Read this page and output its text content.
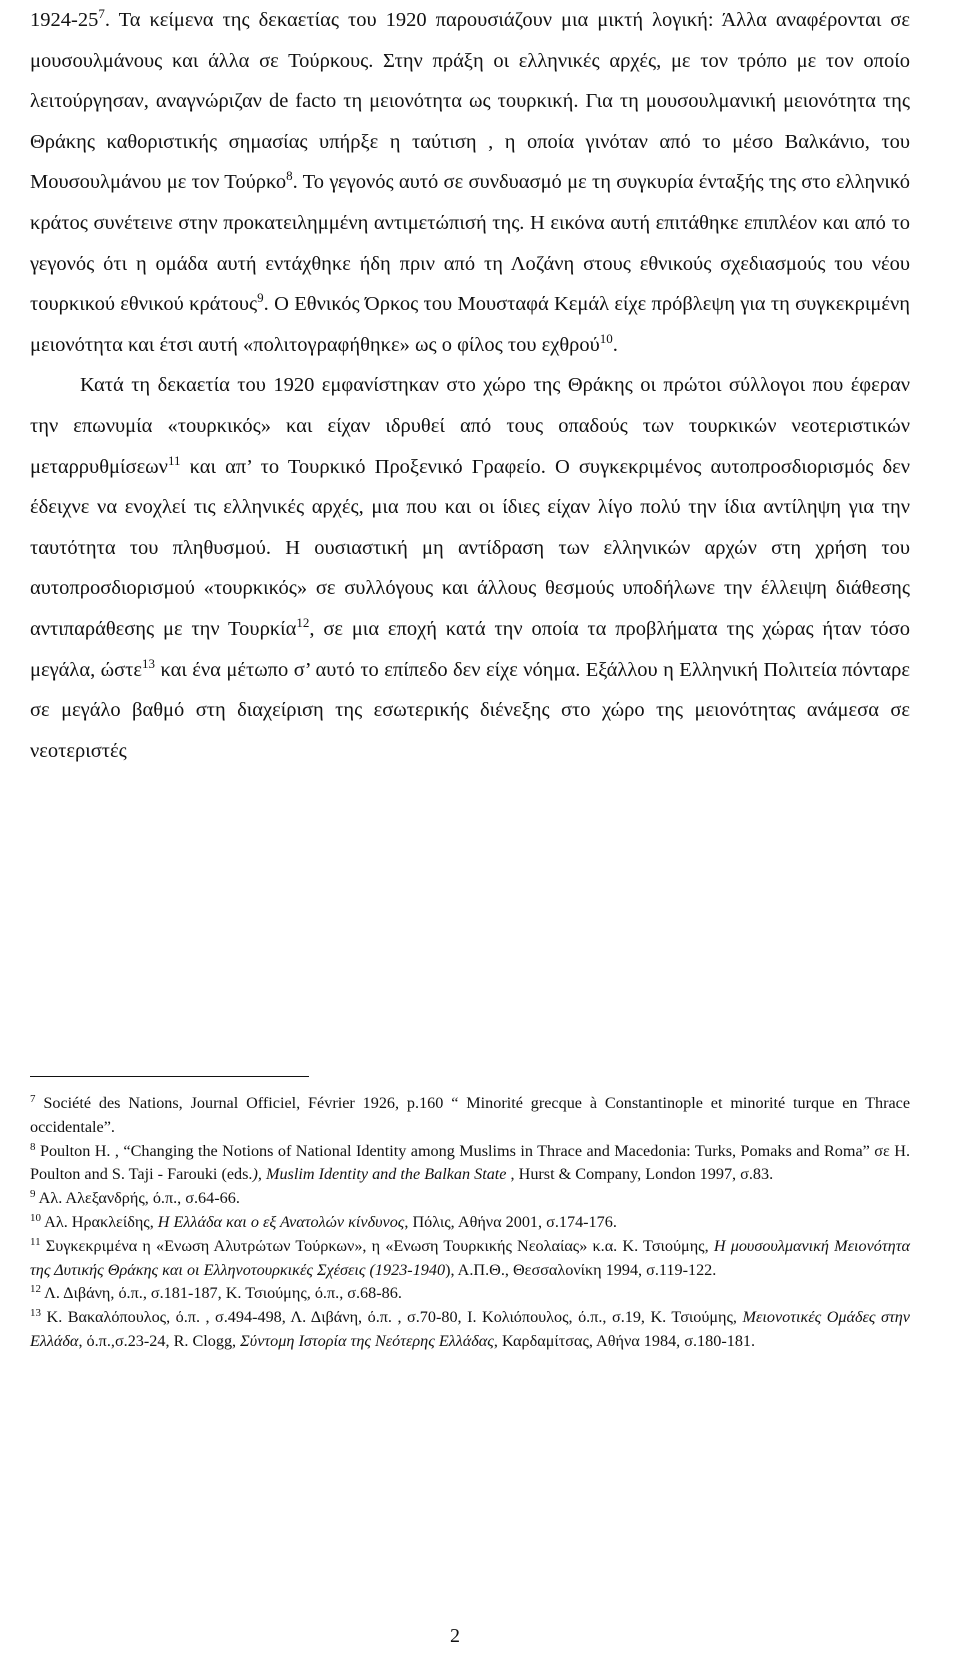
$1924-25^7$. Τα κείμενα της δεκαετίας του 1920 παρουσιάζουν μια μικτή λογική: Άλλα αναφέρονται σε μουσουλμάνους και άλλα σε Τούρκους. Στην πράξη οι ελληνικές αρχές, με τον τρόπο με τον οποίο λειτούργησαν, αναγνώριζαν de facto τη μειονότητα ως τουρκική. Για τη μουσουλμανική μειονότητα της Θράκης καθοριστικής σημασίας υπήρξε η ταύτιση , η οποία γινόταν από το μέσο Βαλκάνιο, του Μουσουλμάνου με τον Τούρκο$^8$. Το γεγονός αυτό σε συνδυασμό με τη συγκυρία ένταξής της στο ελληνικό κράτος συνέτεινε στην προκατειλημμένη αντιμετώπισή της. Η εικόνα αυτή επιτάθηκε επιπλέον και από το γεγονός ότι η ομάδα αυτή εντάχθηκε ήδη πριν από τη Λοζάνη στους εθνικούς σχεδιασμούς του νέου τουρκικού εθνικού κράτους$^9$. Ο Εθνικός Όρκος του Μουσταφά Κεμάλ είχε πρόβλεψη για τη συγκεκριμένη μειονότητα και έτσι αυτή «πολιτογραφήθηκε» ως ο φίλος του εχθρού$^{10}$.

Κατά τη δεκαετία του 1920 εμφανίστηκαν στο χώρο της Θράκης οι πρώτοι σύλλογοι που έφεραν την επωνυμία «τουρκικός» και είχαν ιδρυθεί από τους οπαδούς των τουρκικών νεοτεριστικών μεταρρυθμίσεων$^{11}$ και απ’ το Τουρκικό Προξενικό Γραφείο. Ο συγκεκριμένος αυτοπροσδιορισμός δεν έδειχνε να ενοχλεί τις ελληνικές αρχές, μια που και οι ίδιες είχαν λίγο πολύ την ίδια αντίληψη για την ταυτότητα του πληθυσμού. Η ουσιαστική μη αντίδραση των ελληνικών αρχών στη χρήση του αυτοπροσδιορισμού «τουρκικός» σε συλλόγους και άλλους θεσμούς υποδήλωνε την έλλειψη διάθεσης αντιπαράθεσης με την Τουρκία$^{12}$, σε μια εποχή κατά την οποία τα προβλήματα της χώρας ήταν τόσο μεγάλα, ώστε$^{13}$ και ένα μέτωπο σ’ αυτό το επίπεδο δεν είχε νόημα. Εξάλλου η Ελληνική Πολιτεία πόνταρε σε μεγάλο βαθμό στη διαχείριση της εσωτερικής διένεξης στο χώρο της μειονότητας ανάμεσα σε νεοτεριστές

$^7$ Société des Nations, Journal Officiel, Février 1926, p.160 “ Minorité grecque à Constantinople et minorité turque en Thrace occidentale”.
$^8$ Poulton H. , “Changing the Notions of National Identity among Muslims in Thrace and Macedonia: Turks, Pomaks and Roma” σε H. Poulton and S. Taji - Farouki (eds.), Muslim Identity and the Balkan State , Hurst & Company, London 1997, σ.83.
$^9$ Αλ. Αλεξανδρής, ό.π., σ.64-66.
$^{10}$ Αλ. Ηρακλείδης, Η Ελλάδα και ο εξ Ανατολών κίνδυνος, Πόλις, Αθήνα 2001, σ.174-176.
$^{11}$ Συγκεκριμένα η «Ενωση Αλυτρώτων Τούρκων», η «Ενωση Τουρκικής Νεολαίας» κ.α. Κ. Τσιούμης, Η μουσουλμανική Μειονότητα της Δυτικής Θράκης και οι Ελληνοτουρκικές Σχέσεις (1923-1940), Α.Π.Θ., Θεσσαλονίκη 1994, σ.119-122.
$^{12}$ Λ. Διβάνη, ό.π., σ.181-187, Κ. Τσιούμης, ό.π., σ.68-86.
$^{13}$ Κ. Βακαλόπουλος, ό.π. , σ.494-498, Λ. Διβάνη, ό.π. , σ.70-80, Ι. Κολιόπουλος, ό.π., σ.19, Κ. Τσιούμης, Μειονοτικές Ομάδες στην Ελλάδα, ό.π.,σ.23-24, R. Clogg, Σύντομη Ιστορία της Νεότερης Ελλάδας, Καρδαμίτσας, Αθήνα 1984, σ.180-181.
2
